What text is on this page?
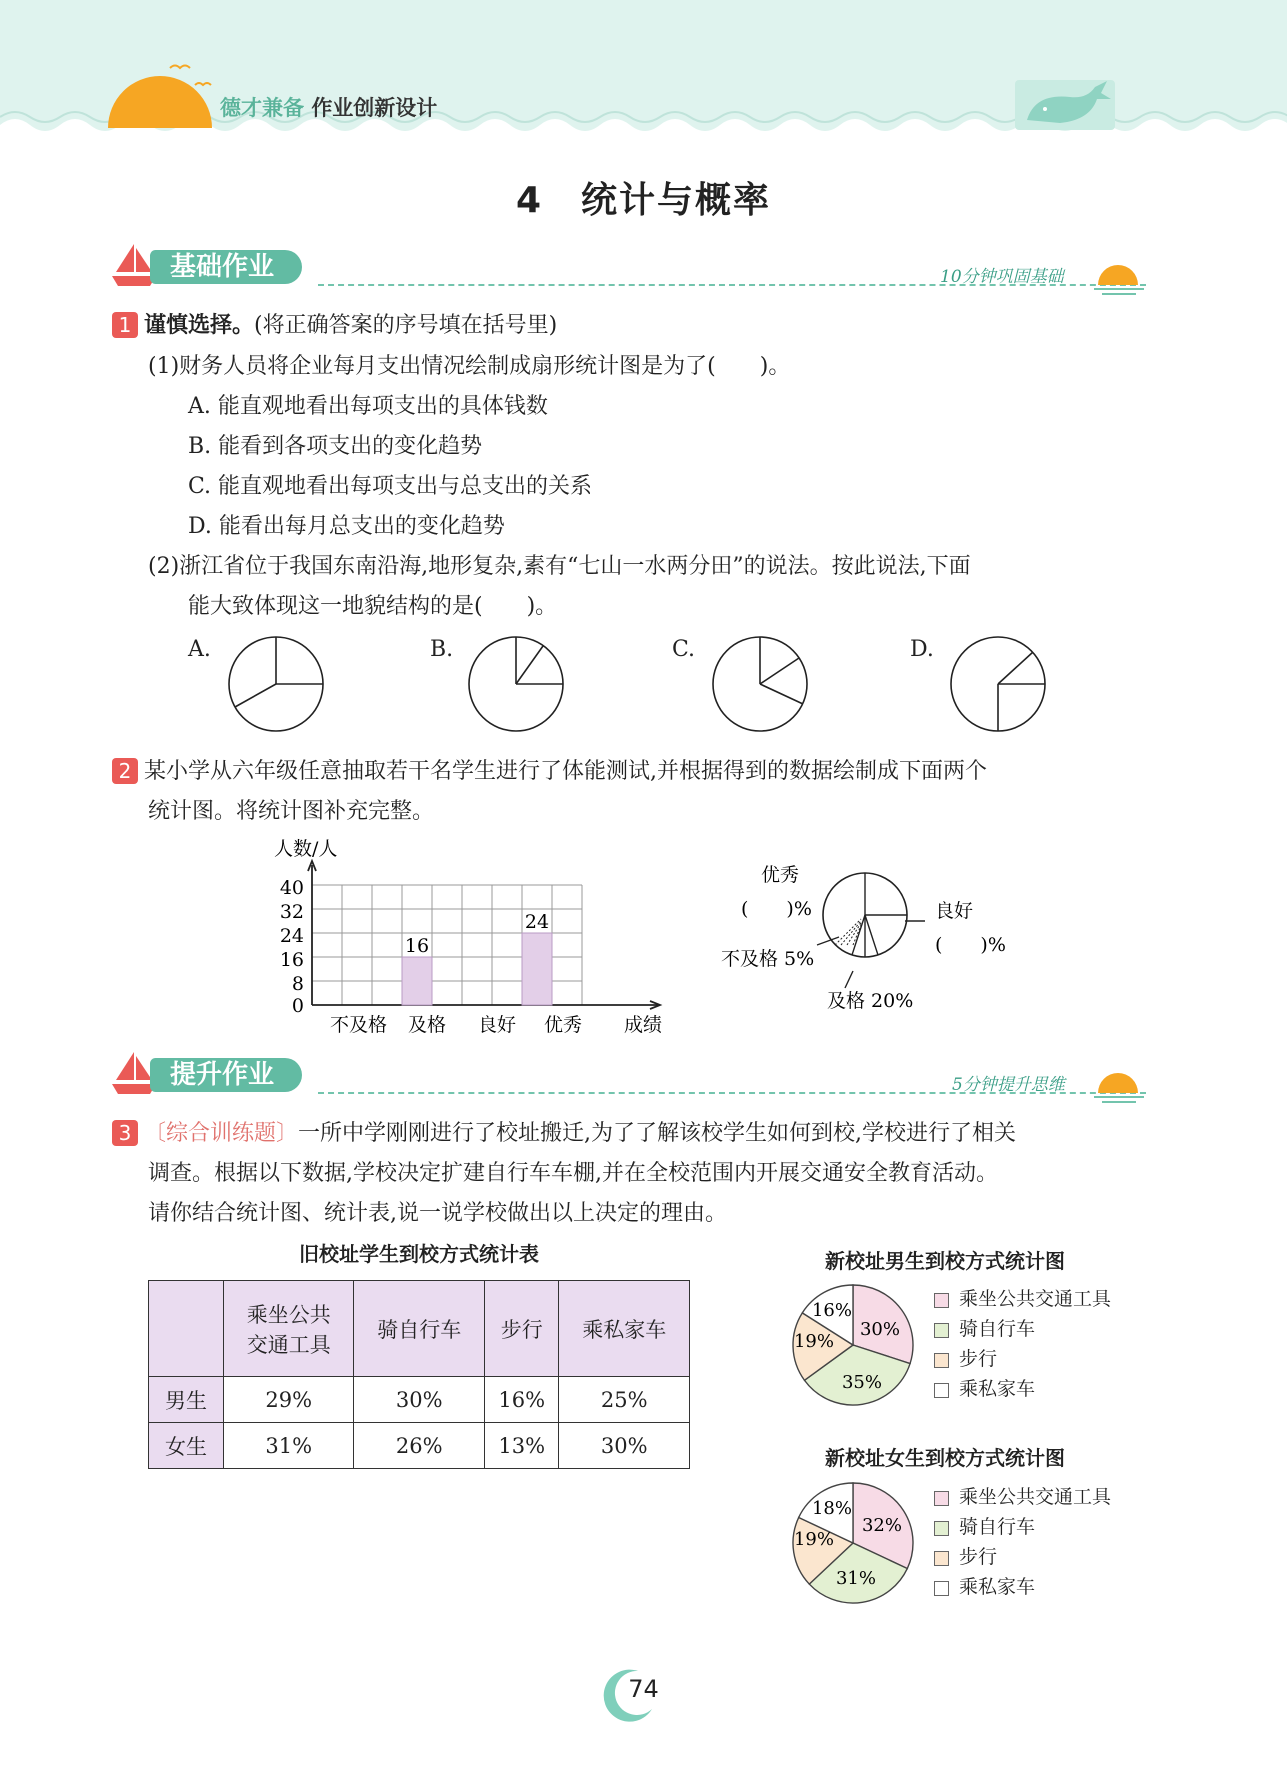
德才兼备 作业创新设计
4　统计与概率
基础作业	10分钟巩固基础
1 谨慎选择。(将正确答案的序号填在括号里)
(1)财务人员将企业每月支出情况绘制成扇形统计图是为了(　　)。
A. 能直观地看出每项支出的具体钱数
B. 能看到各项支出的变化趋势
C. 能直观地看出每项支出与总支出的关系
D. 能看出每月总支出的变化趋势
(2)浙江省位于我国东南沿海,地形复杂,素有“七山一水两分田”的说法。按此说法,下面
能大致体现这一地貌结构的是(　　)。
A.	B.	C.	D.
2 某小学从六年级任意抽取若干名学生进行了体能测试,并根据得到的数据绘制成下面两个
统计图。将统计图补充完整。
人数/人
40
32
24
16
8
0
16
24
不及格 及格 良好 优秀 成绩
优秀
(　　)%	良好
(　　)%
不及格 5%
及格 20%
提升作业	5分钟提升思维
3 〔综合训练题〕一所中学刚刚进行了校址搬迁,为了了解该校学生如何到校,学校进行了相关
调查。根据以下数据,学校决定扩建自行车车棚,并在全校范围内开展交通安全教育活动。
请你结合统计图、统计表,说一说学校做出以上决定的理由。
旧校址学生到校方式统计表

	乘坐公共
交通工具	骑自行车	步行	乘私家车
男生	29%	30%	16%	25%
女生	31%	26%	13%	30%
新校址男生到校方式统计图
30%
35%
19%
16%
乘坐公共交通工具
骑自行车
步行
乘私家车
新校址女生到校方式统计图
32%
31%
19%
18%
乘坐公共交通工具
骑自行车
步行
乘私家车
74
